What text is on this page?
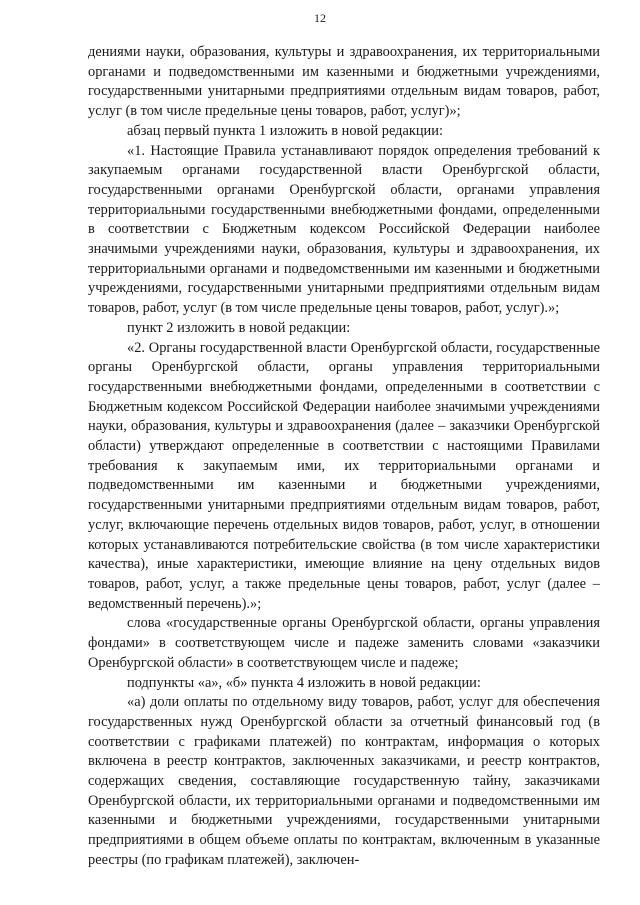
12

дениями науки, образования, культуры и здравоохранения, их территориальными органами и подведомственными им казенными и бюджетными учреждениями, государственными унитарными предприятиями отдельным видам товаров, работ, услуг (в том числе предельные цены товаров, работ, услуг)»;

абзац первый пункта 1 изложить в новой редакции:

«1. Настоящие Правила устанавливают порядок определения требований к закупаемым органами государственной власти Оренбургской области, государственными органами Оренбургской области, органами управления территориальными государственными внебюджетными фондами, определенными в соответствии с Бюджетным кодексом Российской Федерации наиболее значимыми учреждениями науки, образования, культуры и здравоохранения, их территориальными органами и подведомственными им казенными и бюджетными учреждениями, государственными унитарными предприятиями отдельным видам товаров, работ, услуг (в том числе предельные цены товаров, работ, услуг).»;

пункт 2 изложить в новой редакции:

«2. Органы государственной власти Оренбургской области, государственные органы Оренбургской области, органы управления территориальными государственными внебюджетными фондами, определенными в соответствии с Бюджетным кодексом Российской Федерации наиболее значимыми учреждениями науки, образования, культуры и здравоохранения (далее – заказчики Оренбургской области) утверждают определенные в соответствии с настоящими Правилами требования к закупаемым ими, их территориальными органами и подведомственными им казенными и бюджетными учреждениями, государственными унитарными предприятиями отдельным видам товаров, работ, услуг, включающие перечень отдельных видов товаров, работ, услуг, в отношении которых устанавливаются потребительские свойства (в том числе характеристики качества), иные характеристики, имеющие влияние на цену отдельных видов товаров, работ, услуг, а также предельные цены товаров, работ, услуг (далее – ведомственный перечень).»;

слова «государственные органы Оренбургской области, органы управления фондами» в соответствующем числе и падеже заменить словами «заказчики Оренбургской области» в соответствующем числе и падеже;

подпункты «а», «б» пункта 4 изложить в новой редакции:

«а) доли оплаты по отдельному виду товаров, работ, услуг для обеспечения государственных нужд Оренбургской области за отчетный финансовый год (в соответствии с графиками платежей) по контрактам, информация о которых включена в реестр контрактов, заключенных заказчиками, и реестр контрактов, содержащих сведения, составляющие государственную тайну, заказчиками Оренбургской области, их территориальными органами и подведомственными им казенными и бюджетными учреждениями, государственными унитарными предприятиями в общем объеме оплаты по контрактам, включенным в указанные реестры (по графикам платежей), заключен-
